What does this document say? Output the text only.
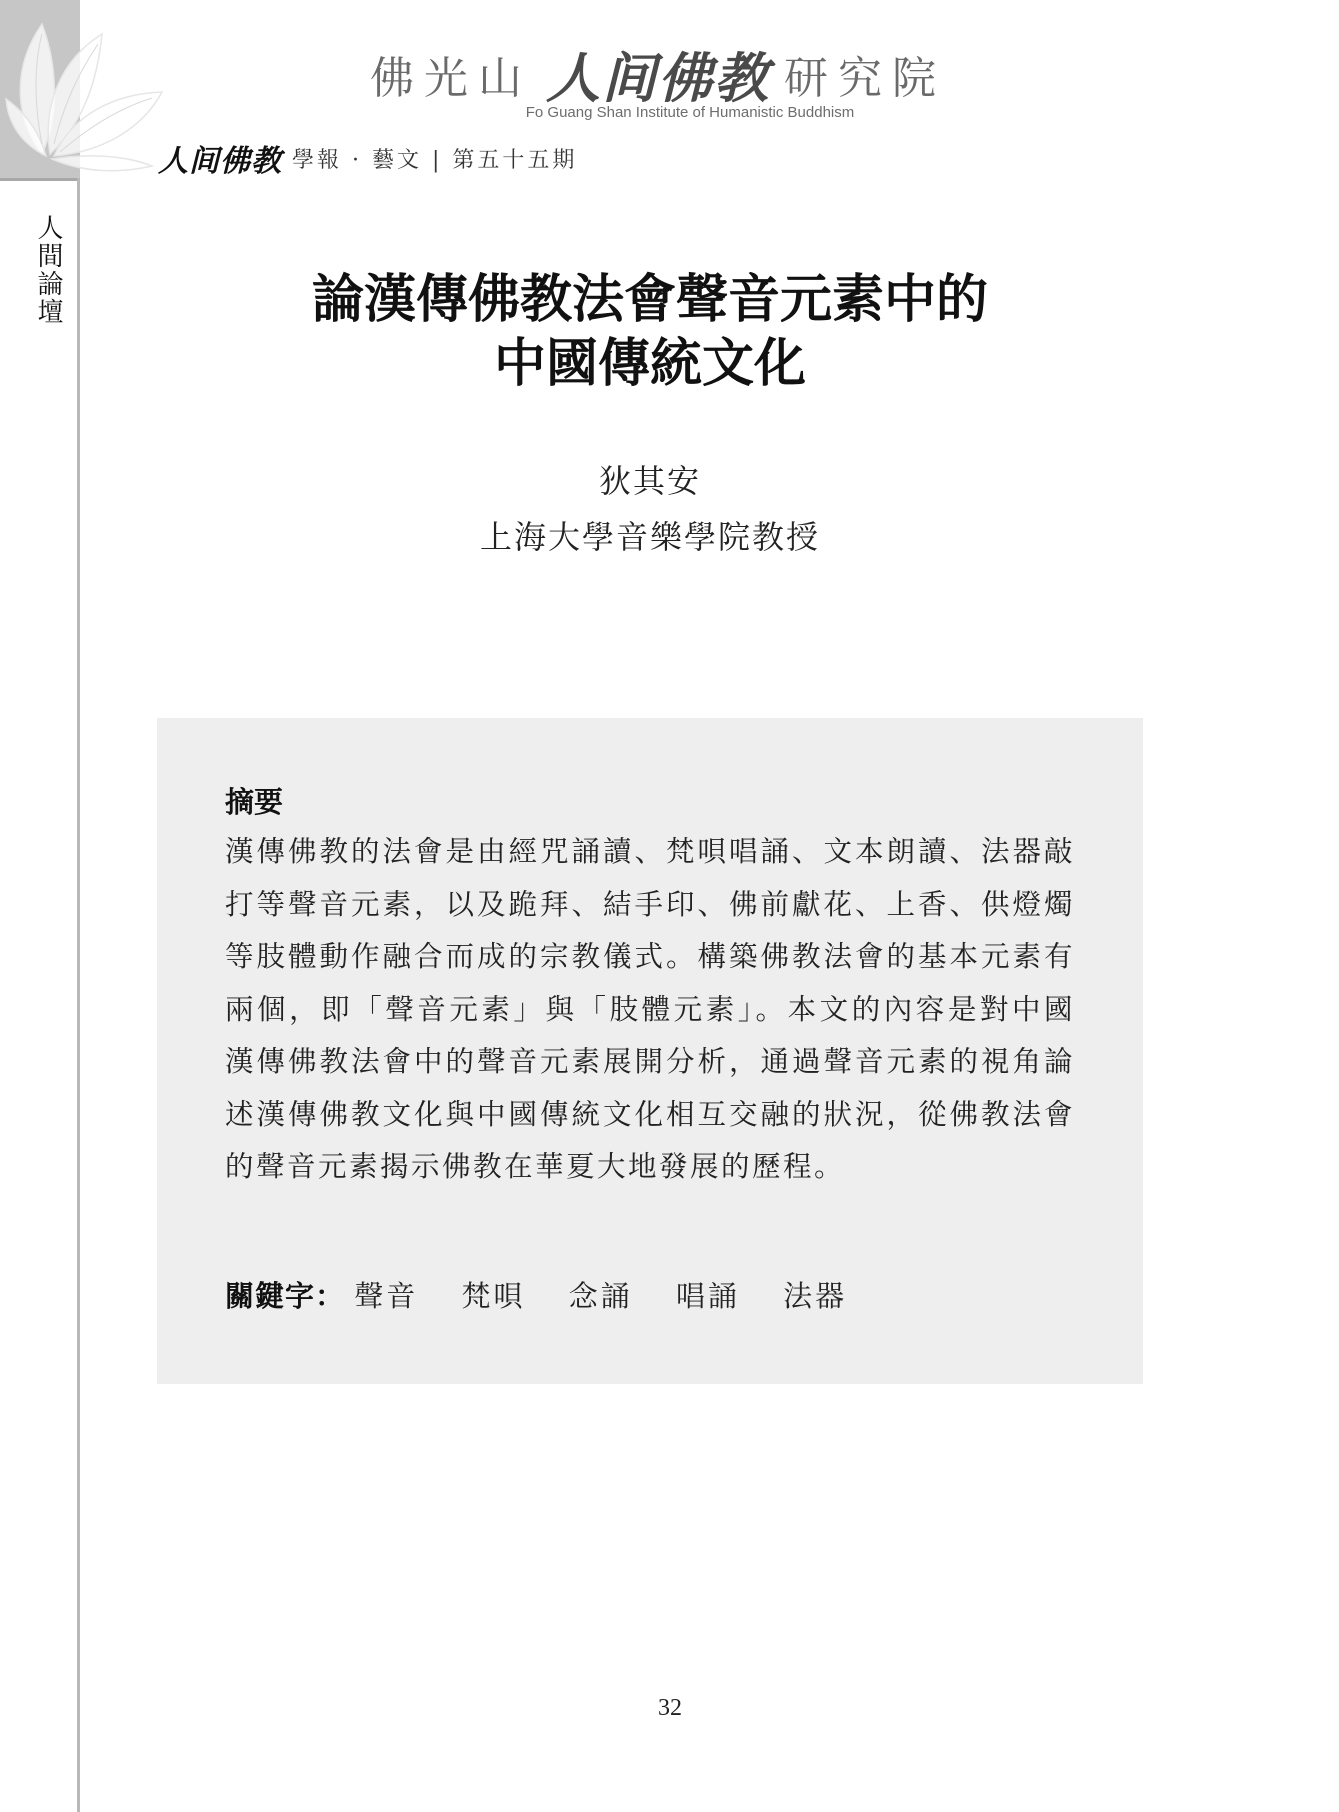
人間論壇
佛光山 人间佛教 研究院
Fo Guang Shan Institute of Humanistic Buddhism
人间佛教 學報 · 藝文 | 第五十五期
論漢傳佛教法會聲音元素中的
中國傳統文化
狄其安
上海大學音樂學院教授
摘要

漢傳佛教的法會是由經咒誦讀、梵唄唱誦、文本朗讀、法器敲打等聲音元素，以及跪拜、結手印、佛前獻花、上香、供燈燭等肢體動作融合而成的宗教儀式。構築佛教法會的基本元素有兩個，即「聲音元素」與「肢體元素」。本文的內容是對中國漢傳佛教法會中的聲音元素展開分析，通過聲音元素的視角論述漢傳佛教文化與中國傳統文化相互交融的狀況，從佛教法會的聲音元素揭示佛教在華夏大地發展的歷程。

關鍵字： 聲音 梵唄 念誦 唱誦 法器
32
